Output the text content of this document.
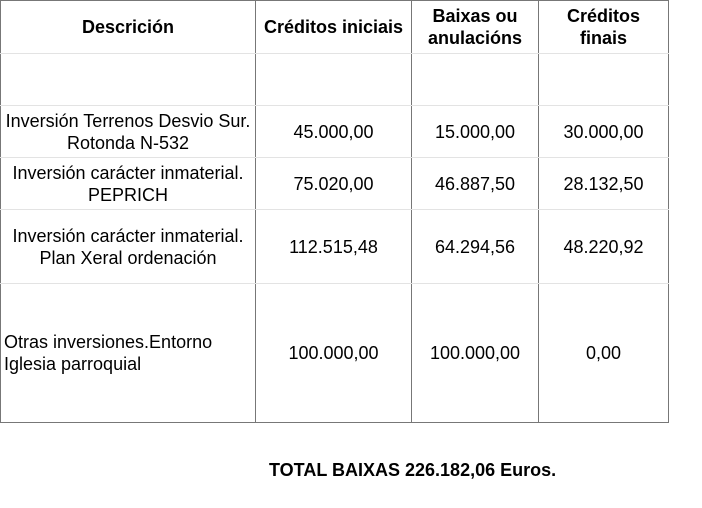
Descrición	Créditos iniciais	Baixas ou anulacións	Créditos finais

Inversión Terrenos Desvio Sur. Rotonda N-532	45.000,00	15.000,00	30.000,00
Inversión carácter inmaterial. PEPRICH	75.020,00	46.887,50	28.132,50
Inversión carácter inmaterial. Plan Xeral ordenación	112.515,48	64.294,56	48.220,92
Otras inversiones.Entorno Iglesia parroquial	100.000,00	100.000,00	0,00
TOTAL BAIXAS 226.182,06 Euros.
